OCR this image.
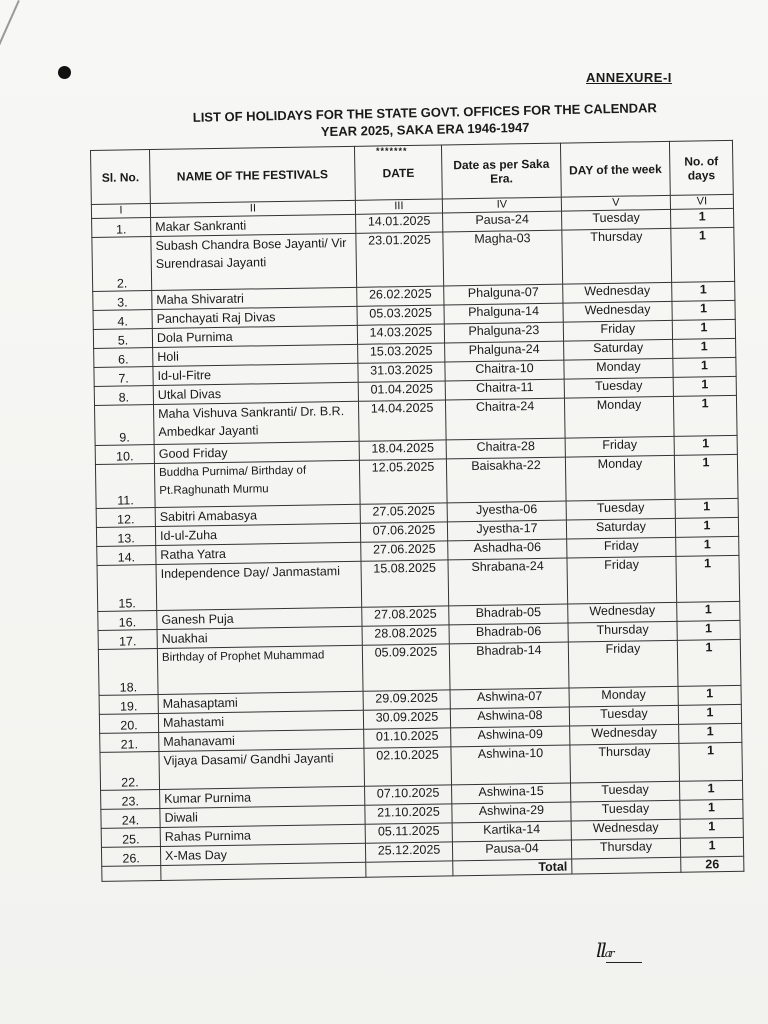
ANNEXURE-I
LIST OF HOLIDAYS FOR THE STATE GOVT. OFFICES FOR THE CALENDAR
YEAR 2025, SAKA ERA 1946-1947
*******
Sl. No.	NAME OF THE FESTIVALS	DATE	Date as per Saka Era.	DAY of the week	No. of days
I	II	III	IV	V	VI
1.	Makar Sankranti	14.01.2025	Pausa-24	Tuesday	1
2.	Subash Chandra Bose Jayanti/ Vir Surendrasai Jayanti	23.01.2025	Magha-03	Thursday	1
3.	Maha Shivaratri	26.02.2025	Phalguna-07	Wednesday	1
4.	Panchayati Raj Divas	05.03.2025	Phalguna-14	Wednesday	1
5.	Dola Purnima	14.03.2025	Phalguna-23	Friday	1
6.	Holi	15.03.2025	Phalguna-24	Saturday	1
7.	Id-ul-Fitre	31.03.2025	Chaitra-10	Monday	1
8.	Utkal Divas	01.04.2025	Chaitra-11	Tuesday	1
9.	Maha Vishuva Sankranti/ Dr. B.R. Ambedkar Jayanti	14.04.2025	Chaitra-24	Monday	1
10.	Good Friday	18.04.2025	Chaitra-28	Friday	1
11.	Buddha Purnima/ Birthday of Pt.Raghunath Murmu	12.05.2025	Baisakha-22	Monday	1
12.	Sabitri Amabasya	27.05.2025	Jyestha-06	Tuesday	1
13.	Id-ul-Zuha	07.06.2025	Jyestha-17	Saturday	1
14.	Ratha Yatra	27.06.2025	Ashadha-06	Friday	1
15.	Independence Day/ Janmastami	15.08.2025	Shrabana-24	Friday	1
16.	Ganesh Puja	27.08.2025	Bhadrab-05	Wednesday	1
17.	Nuakhai	28.08.2025	Bhadrab-06	Thursday	1
18.	Birthday of Prophet Muhammad	05.09.2025	Bhadrab-14	Friday	1
19.	Mahasaptami	29.09.2025	Ashwina-07	Monday	1
20.	Mahastami	30.09.2025	Ashwina-08	Tuesday	1
21.	Mahanavami	01.10.2025	Ashwina-09	Wednesday	1
22.	Vijaya Dasami/ Gandhi Jayanti	02.10.2025	Ashwina-10	Thursday	1
23.	Kumar Purnima	07.10.2025	Ashwina-15	Tuesday	1
24.	Diwali	21.10.2025	Ashwina-29	Tuesday	1
25.	Rahas Purnima	05.11.2025	Kartika-14	Wednesday	1
26.	X-Mas Day	25.12.2025	Pausa-04	Thursday	1
			Total		26
llar
